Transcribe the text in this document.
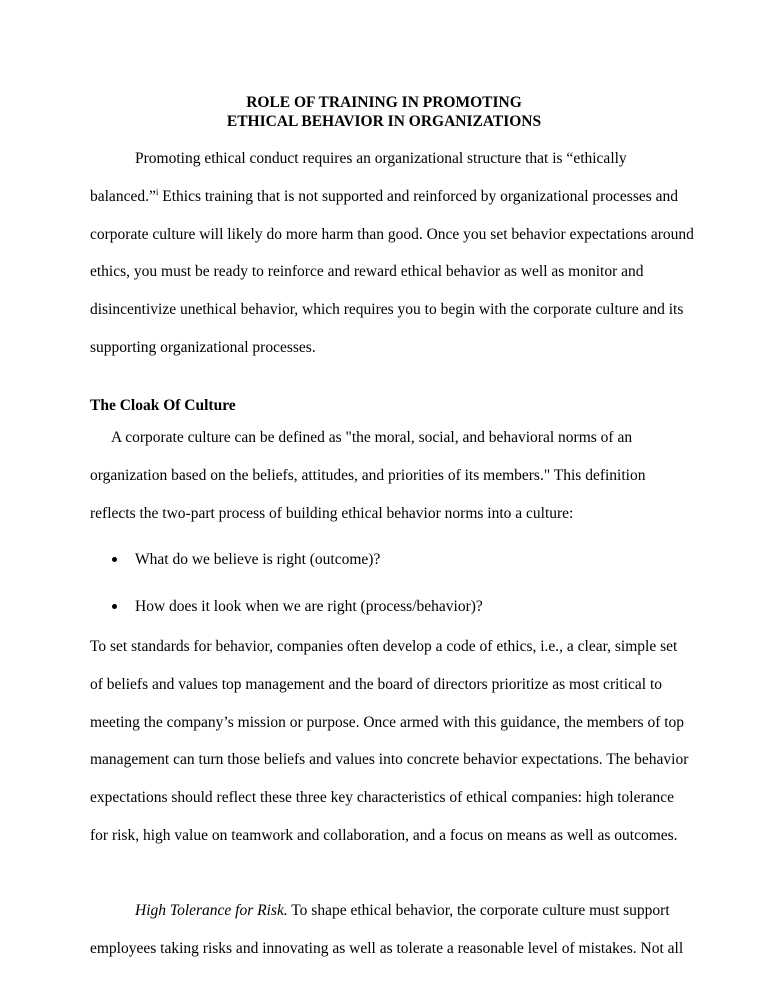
ROLE OF TRAINING IN PROMOTING
ETHICAL BEHAVIOR IN ORGANIZATIONS
Promoting ethical conduct requires an organizational structure that is “ethically balanced.”$^i$ Ethics training that is not supported and reinforced by organizational processes and corporate culture will likely do more harm than good. Once you set behavior expectations around ethics, you must be ready to reinforce and reward ethical behavior as well as monitor and disincentivize unethical behavior, which requires you to begin with the corporate culture and its supporting organizational processes.
The Cloak Of Culture
A corporate culture can be defined as "the moral, social, and behavioral norms of an organization based on the beliefs, attitudes, and priorities of its members." This definition reflects the two-part process of building ethical behavior norms into a culture:
What do we believe is right (outcome)?
How does it look when we are right (process/behavior)?
To set standards for behavior, companies often develop a code of ethics, i.e., a clear, simple set of beliefs and values top management and the board of directors prioritize as most critical to meeting the company’s mission or purpose. Once armed with this guidance, the members of top management can turn those beliefs and values into concrete behavior expectations. The behavior expectations should reflect these three key characteristics of ethical companies: high tolerance for risk, high value on teamwork and collaboration, and a focus on means as well as outcomes.
High Tolerance for Risk. To shape ethical behavior, the corporate culture must support employees taking risks and innovating as well as tolerate a reasonable level of mistakes. Not all
